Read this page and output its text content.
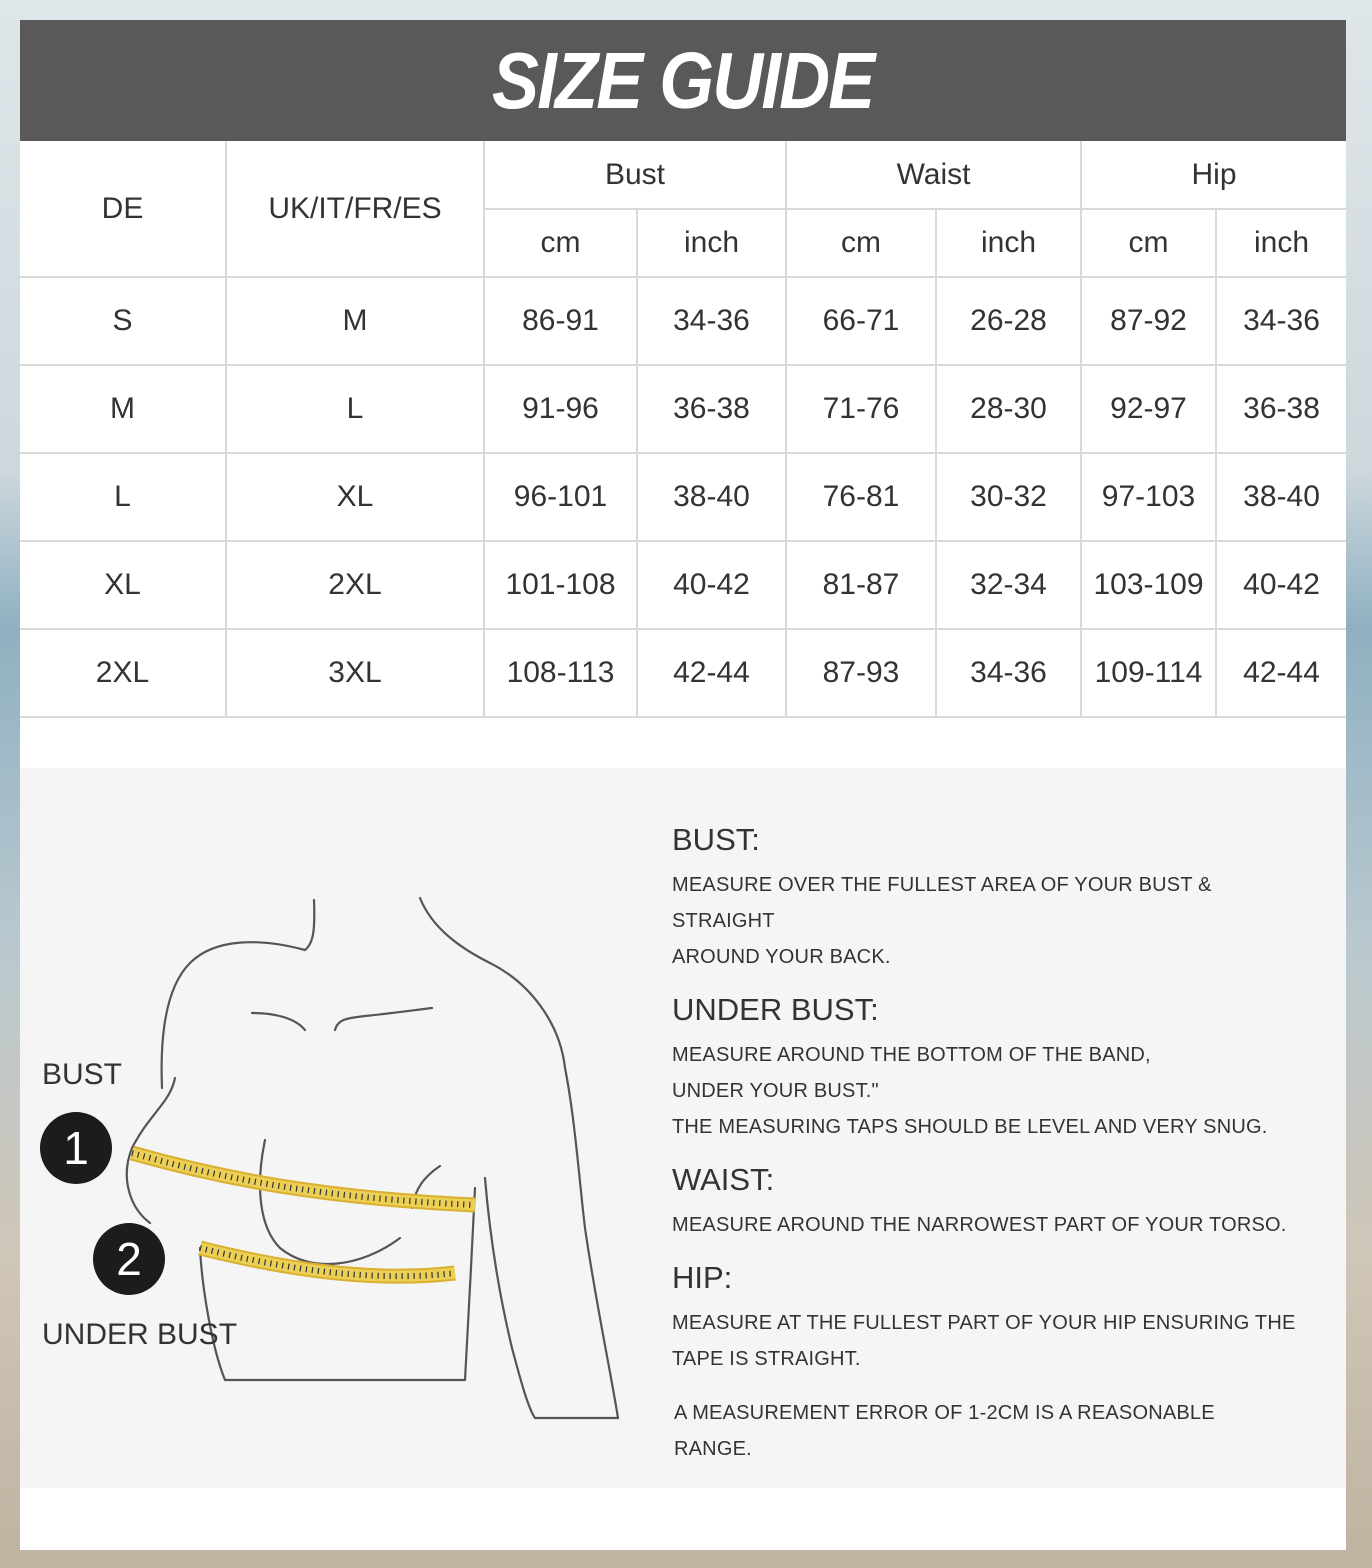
SIZE GUIDE
DE	UK/IT/FR/ES	Bust		Waist		Hip	
		cm	inch	cm	inch	cm	inch
S	M	86-91	34-36	66-71	26-28	87-92	34-36
M	L	91-96	36-38	71-76	28-30	92-97	36-38
L	XL	96-101	38-40	76-81	30-32	97-103	38-40
XL	2XL	101-108	40-42	81-87	32-34	103-109	40-42
2XL	3XL	108-113	42-44	87-93	34-36	109-114	42-44
BUST
1
2
UNDER BUST

BUST:

MEASURE OVER THE FULLEST AREA OF YOUR BUST & STRAIGHT

AROUND YOUR BACK.

UNDER BUST:

MEASURE AROUND THE BOTTOM OF THE BAND,

UNDER YOUR BUST."

THE MEASURING TAPS SHOULD BE LEVEL AND VERY SNUG.

WAIST:

MEASURE AROUND THE NARROWEST PART OF YOUR TORSO.

HIP:

MEASURE AT THE FULLEST PART OF YOUR HIP ENSURING THE

TAPE IS STRAIGHT.

A MEASUREMENT ERROR OF 1-2CM IS A REASONABLE
RANGE.
